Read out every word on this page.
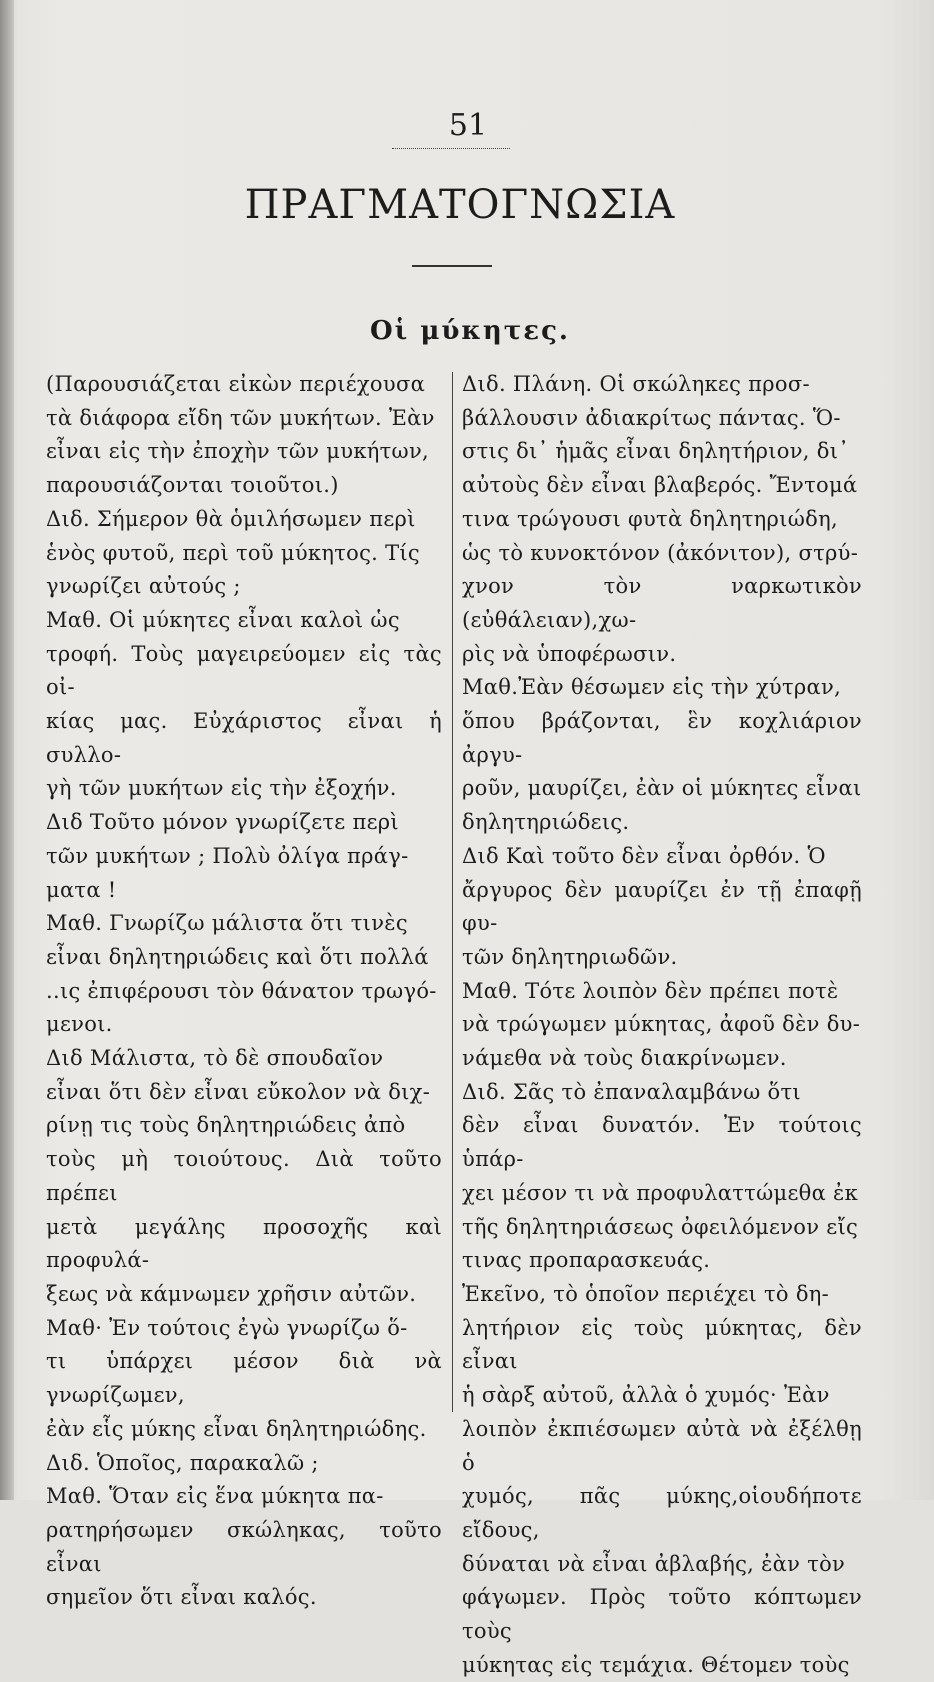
51
ΠΡΑΓΜΑΤΟΓΝΩΣΙΑ
Οἱ μύκητες.

(Παρουσιάζεται εἰκὼν περιέχουσα

τὰ διάφορα εἴδη τῶν μυκήτων. Ἐὰν

εἶναι εἰς τὴν ἐποχὴν τῶν μυκήτων,

παρουσιάζονται τοιοῦτοι.)

Διδ. Σήμερον θὰ ὁμιλήσωμεν περὶ

ἑνὸς φυτοῦ, περὶ τοῦ μύκητος. Τίς

γνωρίζει αὐτούς ;

Μαθ. Οἱ μύκητες εἶναι καλοὶ ὡς

τροφή. Τοὺς μαγειρεύομεν εἰς τὰς οἰ-

κίας μας. Εὐχάριστος εἶναι ἡ συλλο-

γὴ τῶν μυκήτων εἰς τὴν ἐξοχήν.

Διδ Τοῦτο μόνον γνωρίζετε περὶ

τῶν μυκήτων ; Πολὺ ὀλίγα πράγ-

ματα !

Μαθ. Γνωρίζω μάλιστα ὅτι τινὲς

εἶναι δηλητηριώδεις καὶ ὅτι πολλά

..ις ἐπιφέρουσι τὸν θάνατον τρωγό-

μενοι.

Διδ Μάλιστα, τὸ δὲ σπουδαῖον

εἶναι ὅτι δὲν εἶναι εὔκολον νὰ διχ-

ρίνῃ τις τοὺς δηλητηριώδεις ἀπὸ

τοὺς μὴ τοιούτους. Διὰ τοῦτο πρέπει

μετὰ μεγάλης προσοχῆς καὶ προφυλά-

ξεως νὰ κάμνωμεν χρῆσιν αὐτῶν.

Μαθ· Ἐν τούτοις ἐγὼ γνωρίζω ὅ-

τι ὑπάρχει μέσον διὰ νὰ γνωρίζωμεν,

ἐὰν εἷς μύκης εἶναι δηλητηριώδης.

Διδ. Ὁποῖος, παρακαλῶ ;

Μαθ. Ὅταν εἰς ἕνα μύκητα πα-

ρατηρήσωμεν σκώληκας, τοῦτο εἶναι

σημεῖον ὅτι εἶναι καλός.

Διδ. Πλάνη. Οἱ σκώληκες προσ-

βάλλουσιν ἀδιακρίτως πάντας. Ὅ-

στις δι᾽ ἡμᾶς εἶναι δηλητήριον, δι᾽

αὐτοὺς δὲν εἶναι βλαβερός. Ἔντομά

τινα τρώγουσι φυτὰ δηλητηριώδη,

ὡς τὸ κυνοκτόνον (ἀκόνιτον), στρύ-

χνον τὸν ναρκωτικὸν (εὐθάλειαν),χω-

ρὶς νὰ ὑποφέρωσιν.

Μαθ.Ἐὰν θέσωμεν εἰς τὴν χύτραν,

ὅπου βράζονται, ἓν κοχλιάριον ἀργυ-

ροῦν, μαυρίζει, ἐὰν οἱ μύκητες εἶναι

δηλητηριώδεις.

Διδ Καὶ τοῦτο δὲν εἶναι ὀρθόν. Ὁ

ἄργυρος δὲν μαυρίζει ἐν τῇ ἐπαφῇ φυ-

τῶν δηλητηριωδῶν.

Μαθ. Τότε λοιπὸν δὲν πρέπει ποτὲ

νὰ τρώγωμεν μύκητας, ἀφοῦ δὲν δυ-

νάμεθα νὰ τοὺς διακρίνωμεν.

Διδ. Σᾶς τὸ ἐπαναλαμβάνω ὅτι

δὲν εἶναι δυνατόν. Ἐν τούτοις ὑπάρ-

χει μέσον τι νὰ προφυλαττώμεθα ἐκ

τῆς δηλητηριάσεως ὀφειλόμενον εἴς

τινας προπαρασκευάς.

Ἐκεῖνο, τὸ ὁποῖον περιέχει τὸ δη-

λητήριον εἰς τοὺς μύκητας, δὲν εἶναι

ἡ σὰρξ αὐτοῦ, ἀλλὰ ὁ χυμός· Ἐὰν

λοιπὸν ἐκπιέσωμεν αὐτὰ νὰ ἐξέλθῃ ὁ

χυμός, πᾶς μύκης,οἱουδήποτε εἴδους,

δύναται νὰ εἶναι ἀβλαβής, ἐὰν τὸν

φάγωμεν. Πρὸς τοῦτο κόπτωμεν τοὺς

μύκητας εἰς τεμάχια. Θέτομεν τοὺς
